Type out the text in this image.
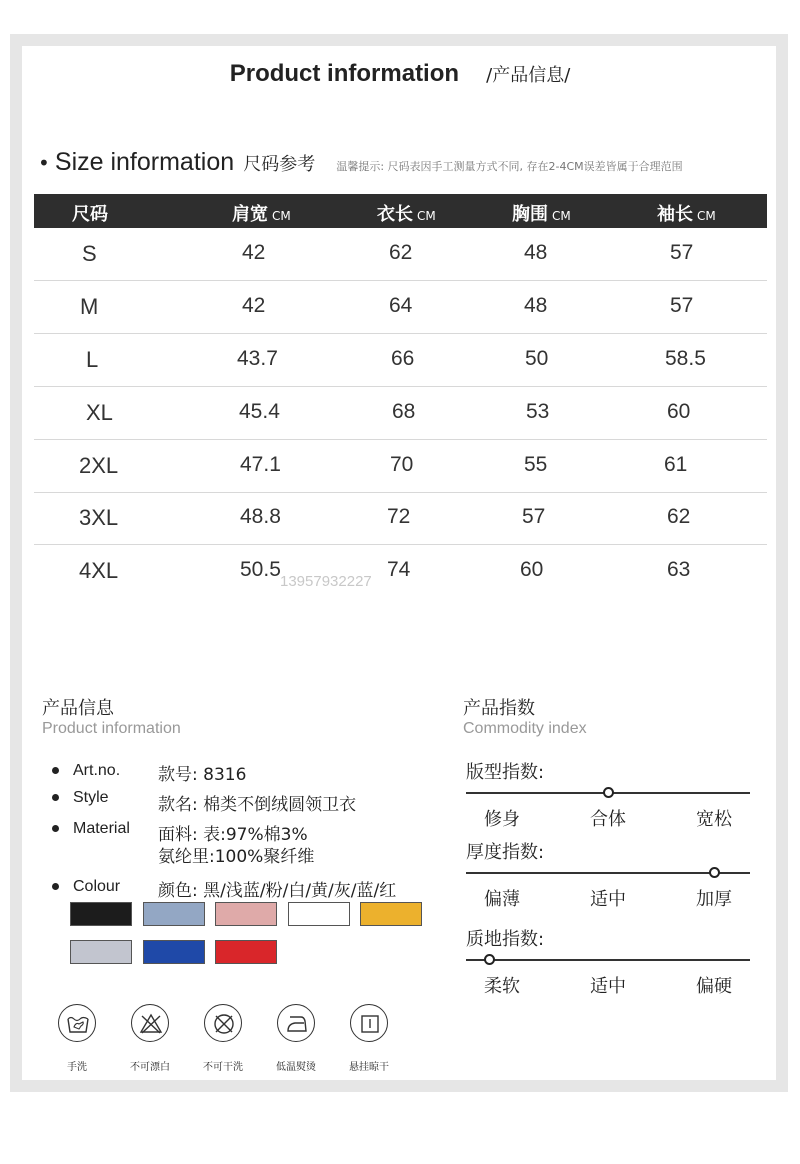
Product information /产品信息/
• Size information 尺码参考 温馨提示: 尺码表因手工测量方式不同, 存在2-4CM误差皆属于合理范围
尺码	肩宽 CM	衣长 CM	胸围 CM	袖长 CM
S	42	62	48	57
M	42	64	48	57
L	43.7	66	50	58.5
XL	45.4	68	53	60
2XL	47.1	70	55	61
3XL	48.8	72	57	62
4XL	50.5	74	60	63
13957932227
产品信息
Product information
Art.no. 款号: 8316
Style	款名: 棉类不倒绒圆领卫衣
Material 面料: 表:97%棉3%
氨纶里:100%聚纤维
Colour 颜色: 黑/浅蓝/粉/白/黄/灰/蓝/红
产品指数
Commodity index
版型指数:
修身	合体	宽松
厚度指数:
偏薄	适中	加厚
质地指数:
柔软	适中	偏硬
手洗	不可漂白	不可干洗	低温熨烫	悬挂晾干
